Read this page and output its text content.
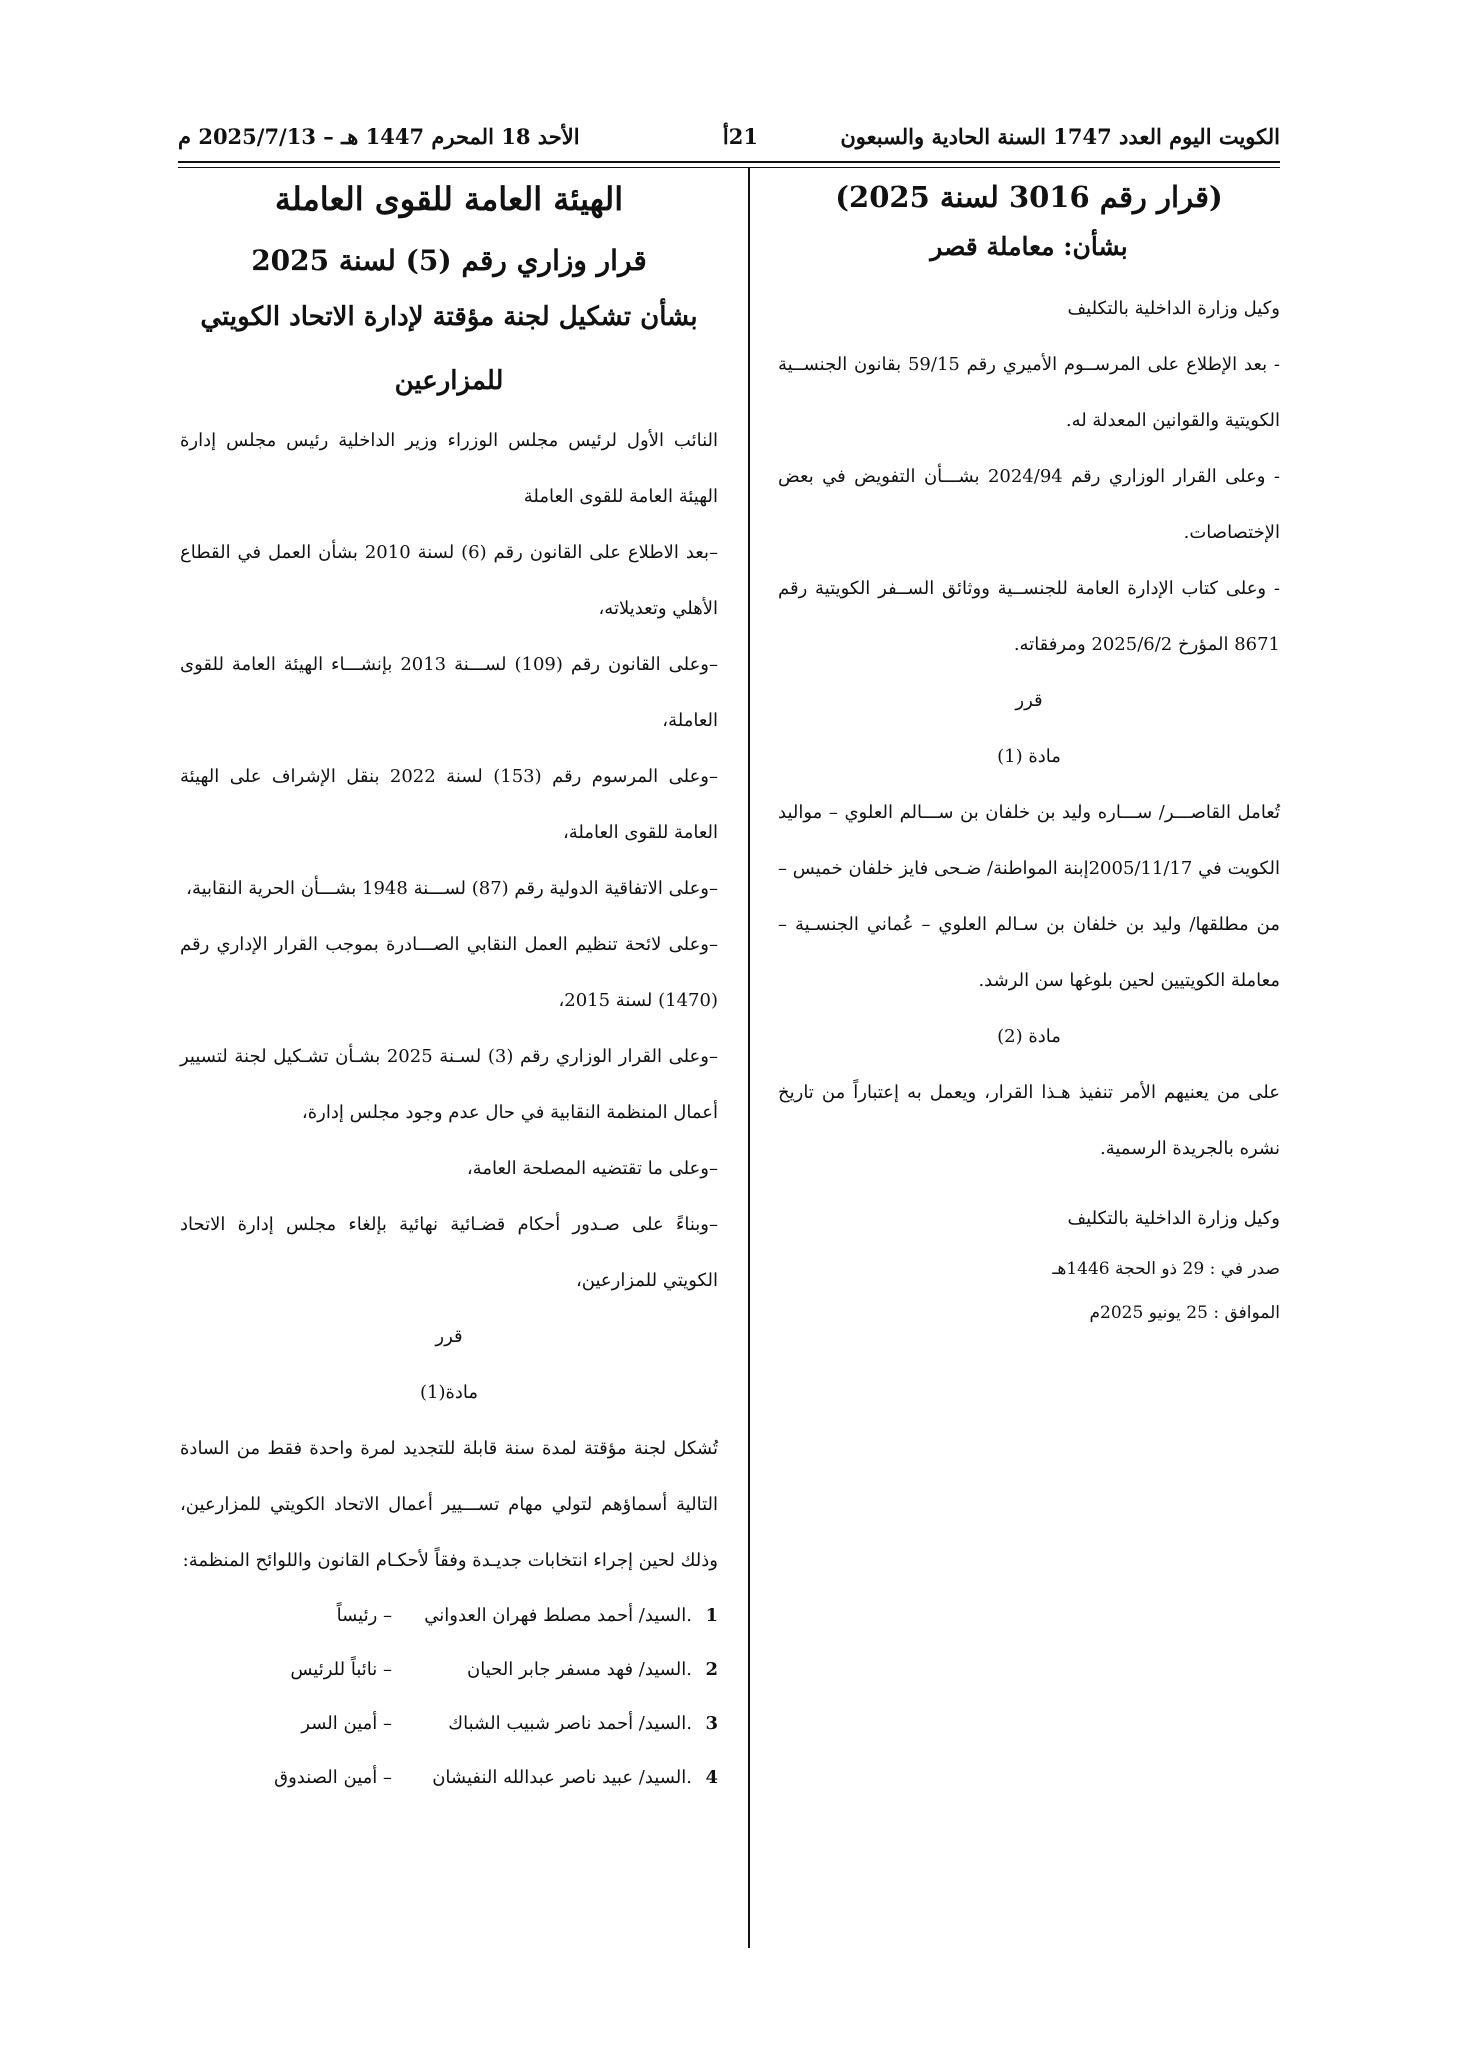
الكويت اليوم العدد 1747 السنة الحادية والسبعون
21أ
الأحد 18 المحرم 1447 هـ – 2025/7/13 م
(قرار رقم 3016 لسنة 2025)
بشأن: معاملة قصر

وكيل وزارة الداخلية بالتكليف

- بعد الإطلاع على المرســوم الأميري رقم 59/15 بقانون الجنســية الكويتية والقوانين المعدلة له.

- وعلى القرار الوزاري رقم 2024/94 بشـــأن التفويض في بعض الإختصاصات.

- وعلى كتاب الإدارة العامة للجنســية ووثائق الســفر الكويتية رقم 8671 المؤرخ 2025/6/2 ومرفقاته.

قرر

مادة (1)

تُعامل القاصـــر/ ســـاره وليد بن خلفان بن ســـالم العلوي – مواليد الكويت في 2005/11/17إبنة المواطنة/ ضـحى فايز خلفان خميس – من مطلقها/ وليد بن خلفان بن سـالم العلوي – عُماني الجنسـية – معاملة الكويتيين لحين بلوغها سن الرشد.

مادة (2)

على من يعنيهم الأمر تنفيذ هـذا القرار، ويعمل به إعتباراً من تاريخ نشره بالجريدة الرسمية.

وكيل وزارة الداخلية بالتكليف

صدر في : 29 ذو الحجة 1446هـ

الموافق : 25 يونيو 2025م

الهيئة العامة للقوى العاملة
قرار وزاري رقم (5) لسنة 2025
بشأن تشكيل لجنة مؤقتة لإدارة الاتحاد الكويتي للمزارعين

النائب الأول لرئيس مجلس الوزراء وزير الداخلية رئيس مجلس إدارة الهيئة العامة للقوى العاملة

–بعد الاطلاع على القانون رقم (6) لسنة 2010 بشأن العمل في القطاع الأهلي وتعديلاته،

–وعلى القانون رقم (109) لســـنة 2013 بإنشـــاء الهيئة العامة للقوى العاملة،

–وعلى المرسوم رقم (153) لسنة 2022 بنقل الإشراف على الهيئة العامة للقوى العاملة،

–وعلى الاتفاقية الدولية رقم (87) لســـنة 1948 بشـــأن الحرية النقابية،

–وعلى لائحة تنظيم العمل النقابي الصـــادرة بموجب القرار الإداري رقم (1470) لسنة 2015،

–وعلى القرار الوزاري رقم (3) لسـنة 2025 بشـأن تشـكيل لجنة لتسيير أعمال المنظمة النقابية في حال عدم وجود مجلس إدارة،

–وعلى ما تقتضيه المصلحة العامة،

–وبناءً على صـدور أحكام قضـائية نهائية بإلغاء مجلس إدارة الاتحاد الكويتي للمزارعين،

قرر

مادة(1)

تُشكل لجنة مؤقتة لمدة سنة قابلة للتجديد لمرة واحدة فقط من السادة التالية أسماؤهم لتولي مهام تســـيير أعمال الاتحاد الكويتي للمزارعين، وذلك لحين إجراء انتخابات جديـدة وفقاً لأحكـام القانون واللوائح المنظمة:

1
.السيد/ أحمد مصلط فهران العدواني
– رئيساً
2
.السيد/ فهد مسفر جابر الحيان
– نائباً للرئيس
3
.السيد/ أحمد ناصر شبيب الشباك
– أمين السر
4
.السيد/ عبيد ناصر عبدالله النفيشان
– أمين الصندوق
